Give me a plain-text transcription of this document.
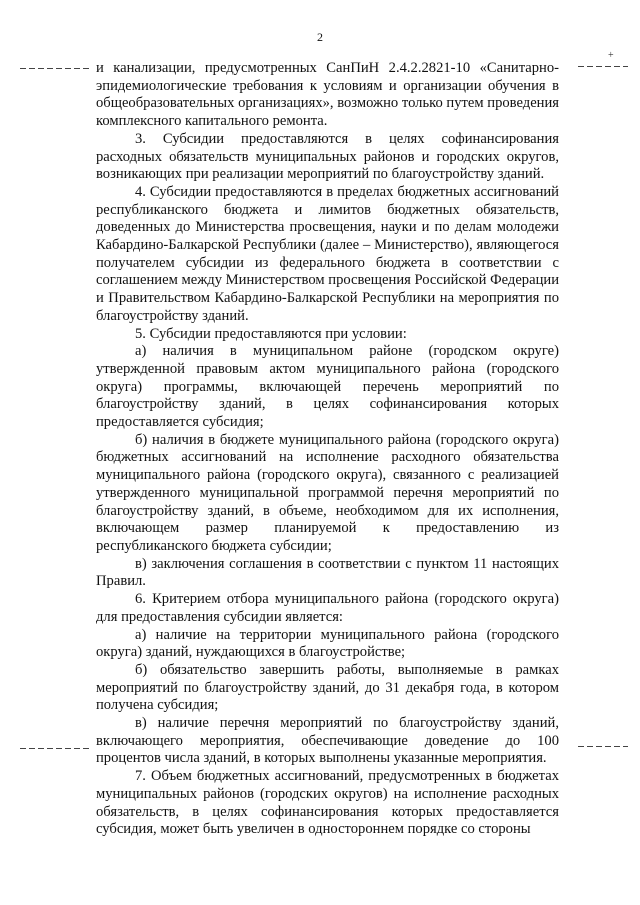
2
+

и канализации, предусмотренных СанПиН 2.4.2.2821-10 «Санитарно-эпидемиологические требования к условиям и организации обучения в общеобразовательных организациях», возможно только путем проведения комплексного капитального ремонта.

3. Субсидии предоставляются в целях софинансирования расходных обязательств муниципальных районов и городских округов, возникающих при реализации мероприятий по благоустройству зданий.

4. Субсидии предоставляются в пределах бюджетных ассигнований республиканского бюджета и лимитов бюджетных обязательств, доведенных до Министерства просвещения, науки и по делам молодежи Кабардино-Балкарской Республики (далее – Министерство), являющегося получателем субсидии из федерального бюджета в соответствии с соглашением между Министерством просвещения Российской Федерации и Правительством Кабардино-Балкарской Республики на мероприятия по благоустройству зданий.

5. Субсидии предоставляются при условии:

а) наличия в муниципальном районе (городском округе) утвержденной правовым актом муниципального района (городского округа) программы, включающей перечень мероприятий по благоустройству зданий, в целях софинансирования которых предоставляется субсидия;

б) наличия в бюджете муниципального района (городского округа) бюджетных ассигнований на исполнение расходного обязательства муниципального района (городского округа), связанного с реализацией утвержденного муниципальной программой перечня мероприятий по благоустройству зданий, в объеме, необходимом для их исполнения, включающем размер планируемой к предоставлению из республиканского бюджета субсидии;

в) заключения соглашения в соответствии с пунктом 11 настоящих Правил.

6. Критерием отбора муниципального района (городского округа) для предоставления субсидии является:

а) наличие на территории муниципального района (городского округа) зданий, нуждающихся в благоустройстве;

б) обязательство завершить работы, выполняемые в рамках мероприятий по благоустройству зданий, до 31 декабря года, в котором получена субсидия;

в) наличие перечня мероприятий по благоустройству зданий, включающего мероприятия, обеспечивающие доведение до 100 процентов числа зданий, в которых выполнены указанные мероприятия.

7. Объем бюджетных ассигнований, предусмотренных в бюджетах муниципальных районов (городских округов) на исполнение расходных обязательств, в целях софинансирования которых предоставляется субсидия, может быть увеличен в одностороннем порядке со стороны
